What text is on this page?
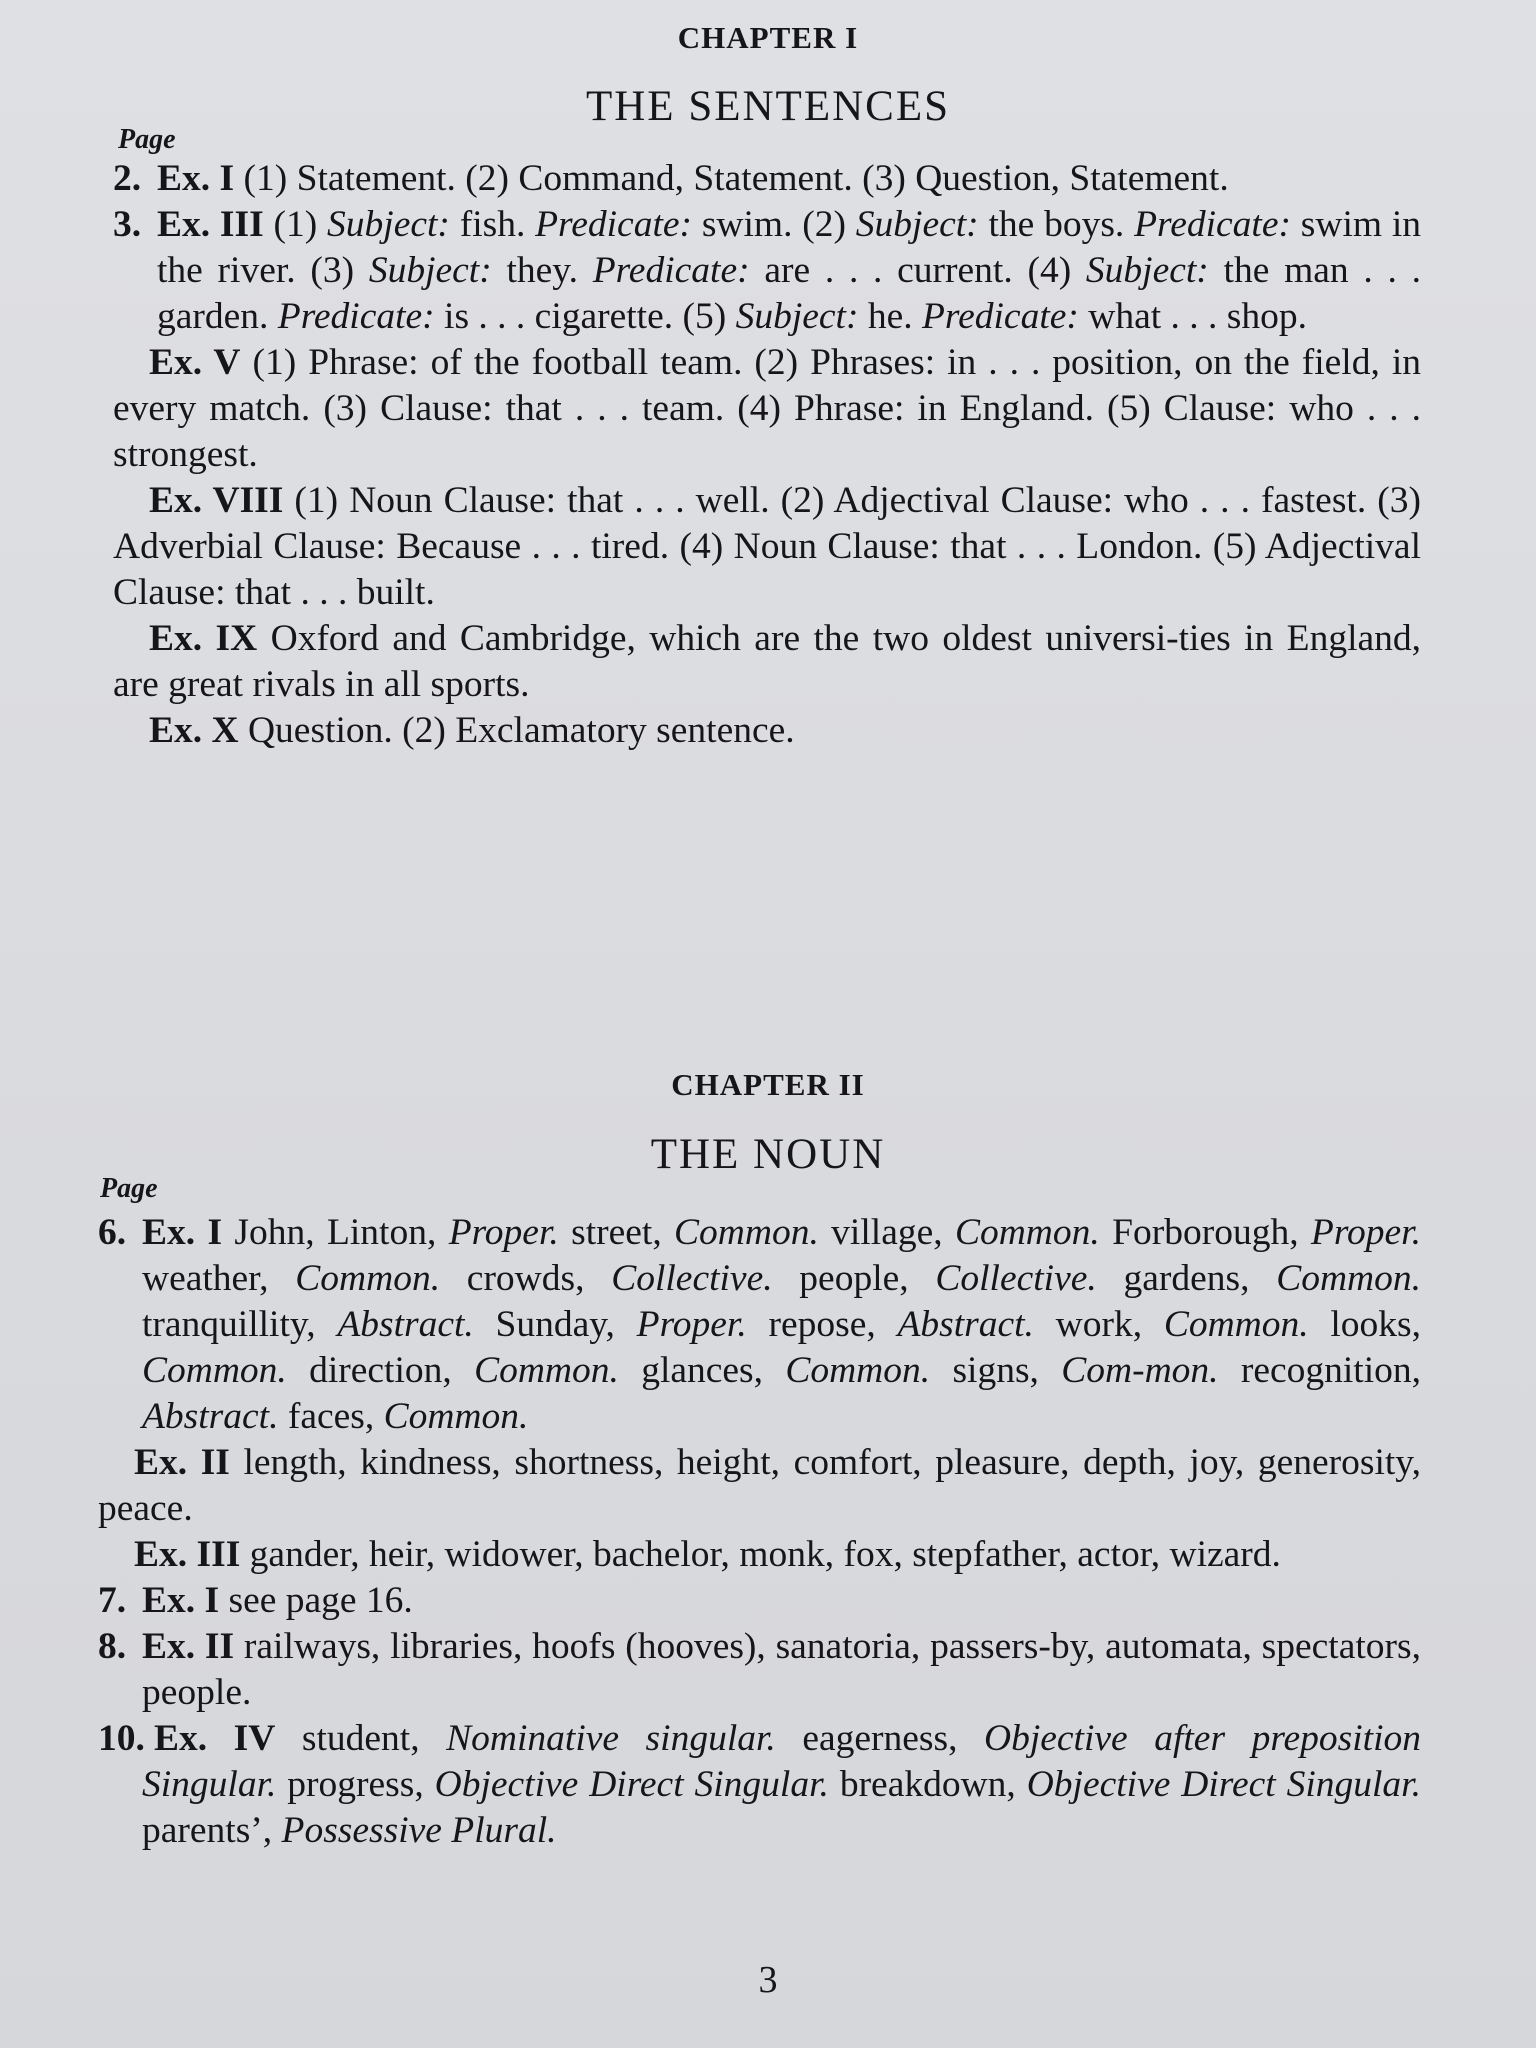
CHAPTER I
THE SENTENCES
Page

2. Ex. I (1) Statement. (2) Command, Statement. (3) Question, Statement.

3. Ex. III (1) Subject: fish. Predicate: swim. (2) Subject: the boys. Predicate: swim in the river. (3) Subject: they. Predicate: are . . . current. (4) Subject: the man . . . garden. Predicate: is . . . cigarette. (5) Subject: he. Predicate: what . . . shop.

Ex. V (1) Phrase: of the football team. (2) Phrases: in . . . position, on the field, in every match. (3) Clause: that . . . team. (4) Phrase: in England. (5) Clause: who . . . strongest.

Ex. VIII (1) Noun Clause: that . . . well. (2) Adjectival Clause: who . . . fastest. (3) Adverbial Clause: Because . . . tired. (4) Noun Clause: that . . . London. (5) Adjectival Clause: that . . . built.

Ex. IX Oxford and Cambridge, which are the two oldest universi-ties in England, are great rivals in all sports.

Ex. X Question. (2) Exclamatory sentence.

CHAPTER II
THE NOUN
Page

6. Ex. I John, Linton, Proper. street, Common. village, Common. Forborough, Proper. weather, Common. crowds, Collective. people, Collective. gardens, Common. tranquillity, Abstract. Sunday, Proper. repose, Abstract. work, Common. looks, Common. direction, Common. glances, Common. signs, Com-mon. recognition, Abstract. faces, Common.

Ex. II length, kindness, shortness, height, comfort, pleasure, depth, joy, generosity, peace.

Ex. III gander, heir, widower, bachelor, monk, fox, stepfather, actor, wizard.

7. Ex. I see page 16.

8. Ex. II railways, libraries, hoofs (hooves), sanatoria, passers-by, automata, spectators, people.

10. Ex. IV student, Nominative singular. eagerness, Objective after preposition Singular. progress, Objective Direct Singular. breakdown, Objective Direct Singular. parents’, Possessive Plural.

3
